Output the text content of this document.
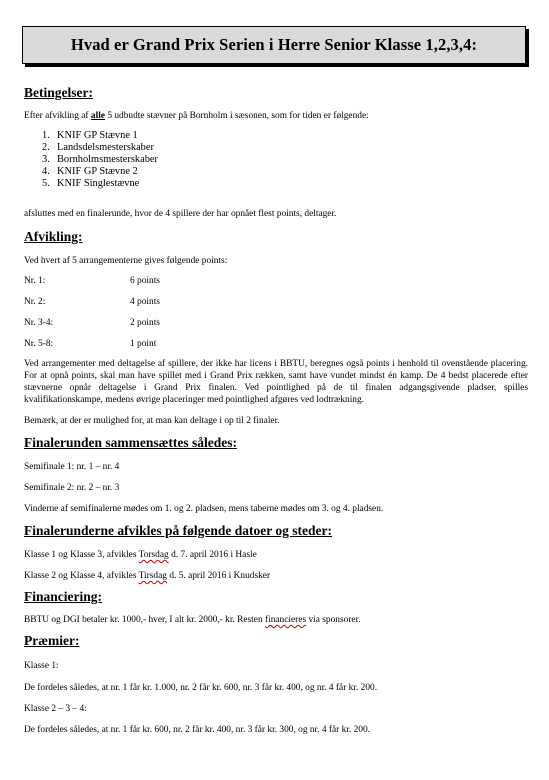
Hvad er Grand Prix Serien i Herre Senior Klasse 1,2,3,4:
Betingelser:
Efter afvikling af alle 5 udbudte stævner på Bornholm i sæsonen, som for tiden er følgende:
1. KNIF GP Stævne 1
2. Landsdelsmesterskaber
3. Bornholmsmesterskaber
4. KNIF GP Stævne 2
5. KNIF Singlestævne
afsluttes med en finalerunde, hvor de 4 spillere der har opnået flest points, deltager.
Afvikling:
Ved hvert af 5 arrangementerne gives følgende points:
Nr. 1:	6 points
Nr. 2:	4 points
Nr. 3-4:	2 points
Nr. 5-8:	1 point
Ved arrangementer med deltagelse af spillere, der ikke har licens i BBTU, beregnes også points i henhold til ovenstående placering. For at opnå points, skal man have spillet med i Grand Prix rækken, samt have vundet mindst én kamp. De 4 bedst placerede efter stævnerne opnår deltagelse i Grand Prix finalen. Ved pointlighed på de til finalen adgangsgivende pladser, spilles kvalifikationskampe, medens øvrige placeringer med pointlighed afgøres ved lodtrækning.
Bemærk, at der er mulighed for, at man kan deltage i op til 2 finaler.
Finalerunden sammensættes således:
Semifinale 1: nr. 1 – nr. 4
Semifinale 2: nr. 2 – nr. 3
Vinderne af semifinalerne mødes om 1. og 2. pladsen, mens taberne mødes om 3. og 4. pladsen.
Finalerunderne afvikles på følgende datoer og steder:
Klasse 1 og Klasse 3, afvikles Torsdag d. 7. april 2016 i Hasle
Klasse 2 og Klasse 4, afvikles Tirsdag d. 5. april 2016 i Knudsker
Financiering:
BBTU og DGI betaler kr. 1000,- hver, I alt kr. 2000,- kr. Resten financieres via sponsorer.
Præmier:
Klasse 1:
De fordeles således, at nr. 1 får kr. 1.000, nr. 2 får kr. 600, nr. 3 får kr. 400, og nr. 4 får kr. 200.
Klasse 2 – 3 – 4:
De fordeles således, at nr. 1 får kr. 600, nr. 2 får kr. 400, nr. 3 får kr. 300, og nr. 4 får kr. 200.
